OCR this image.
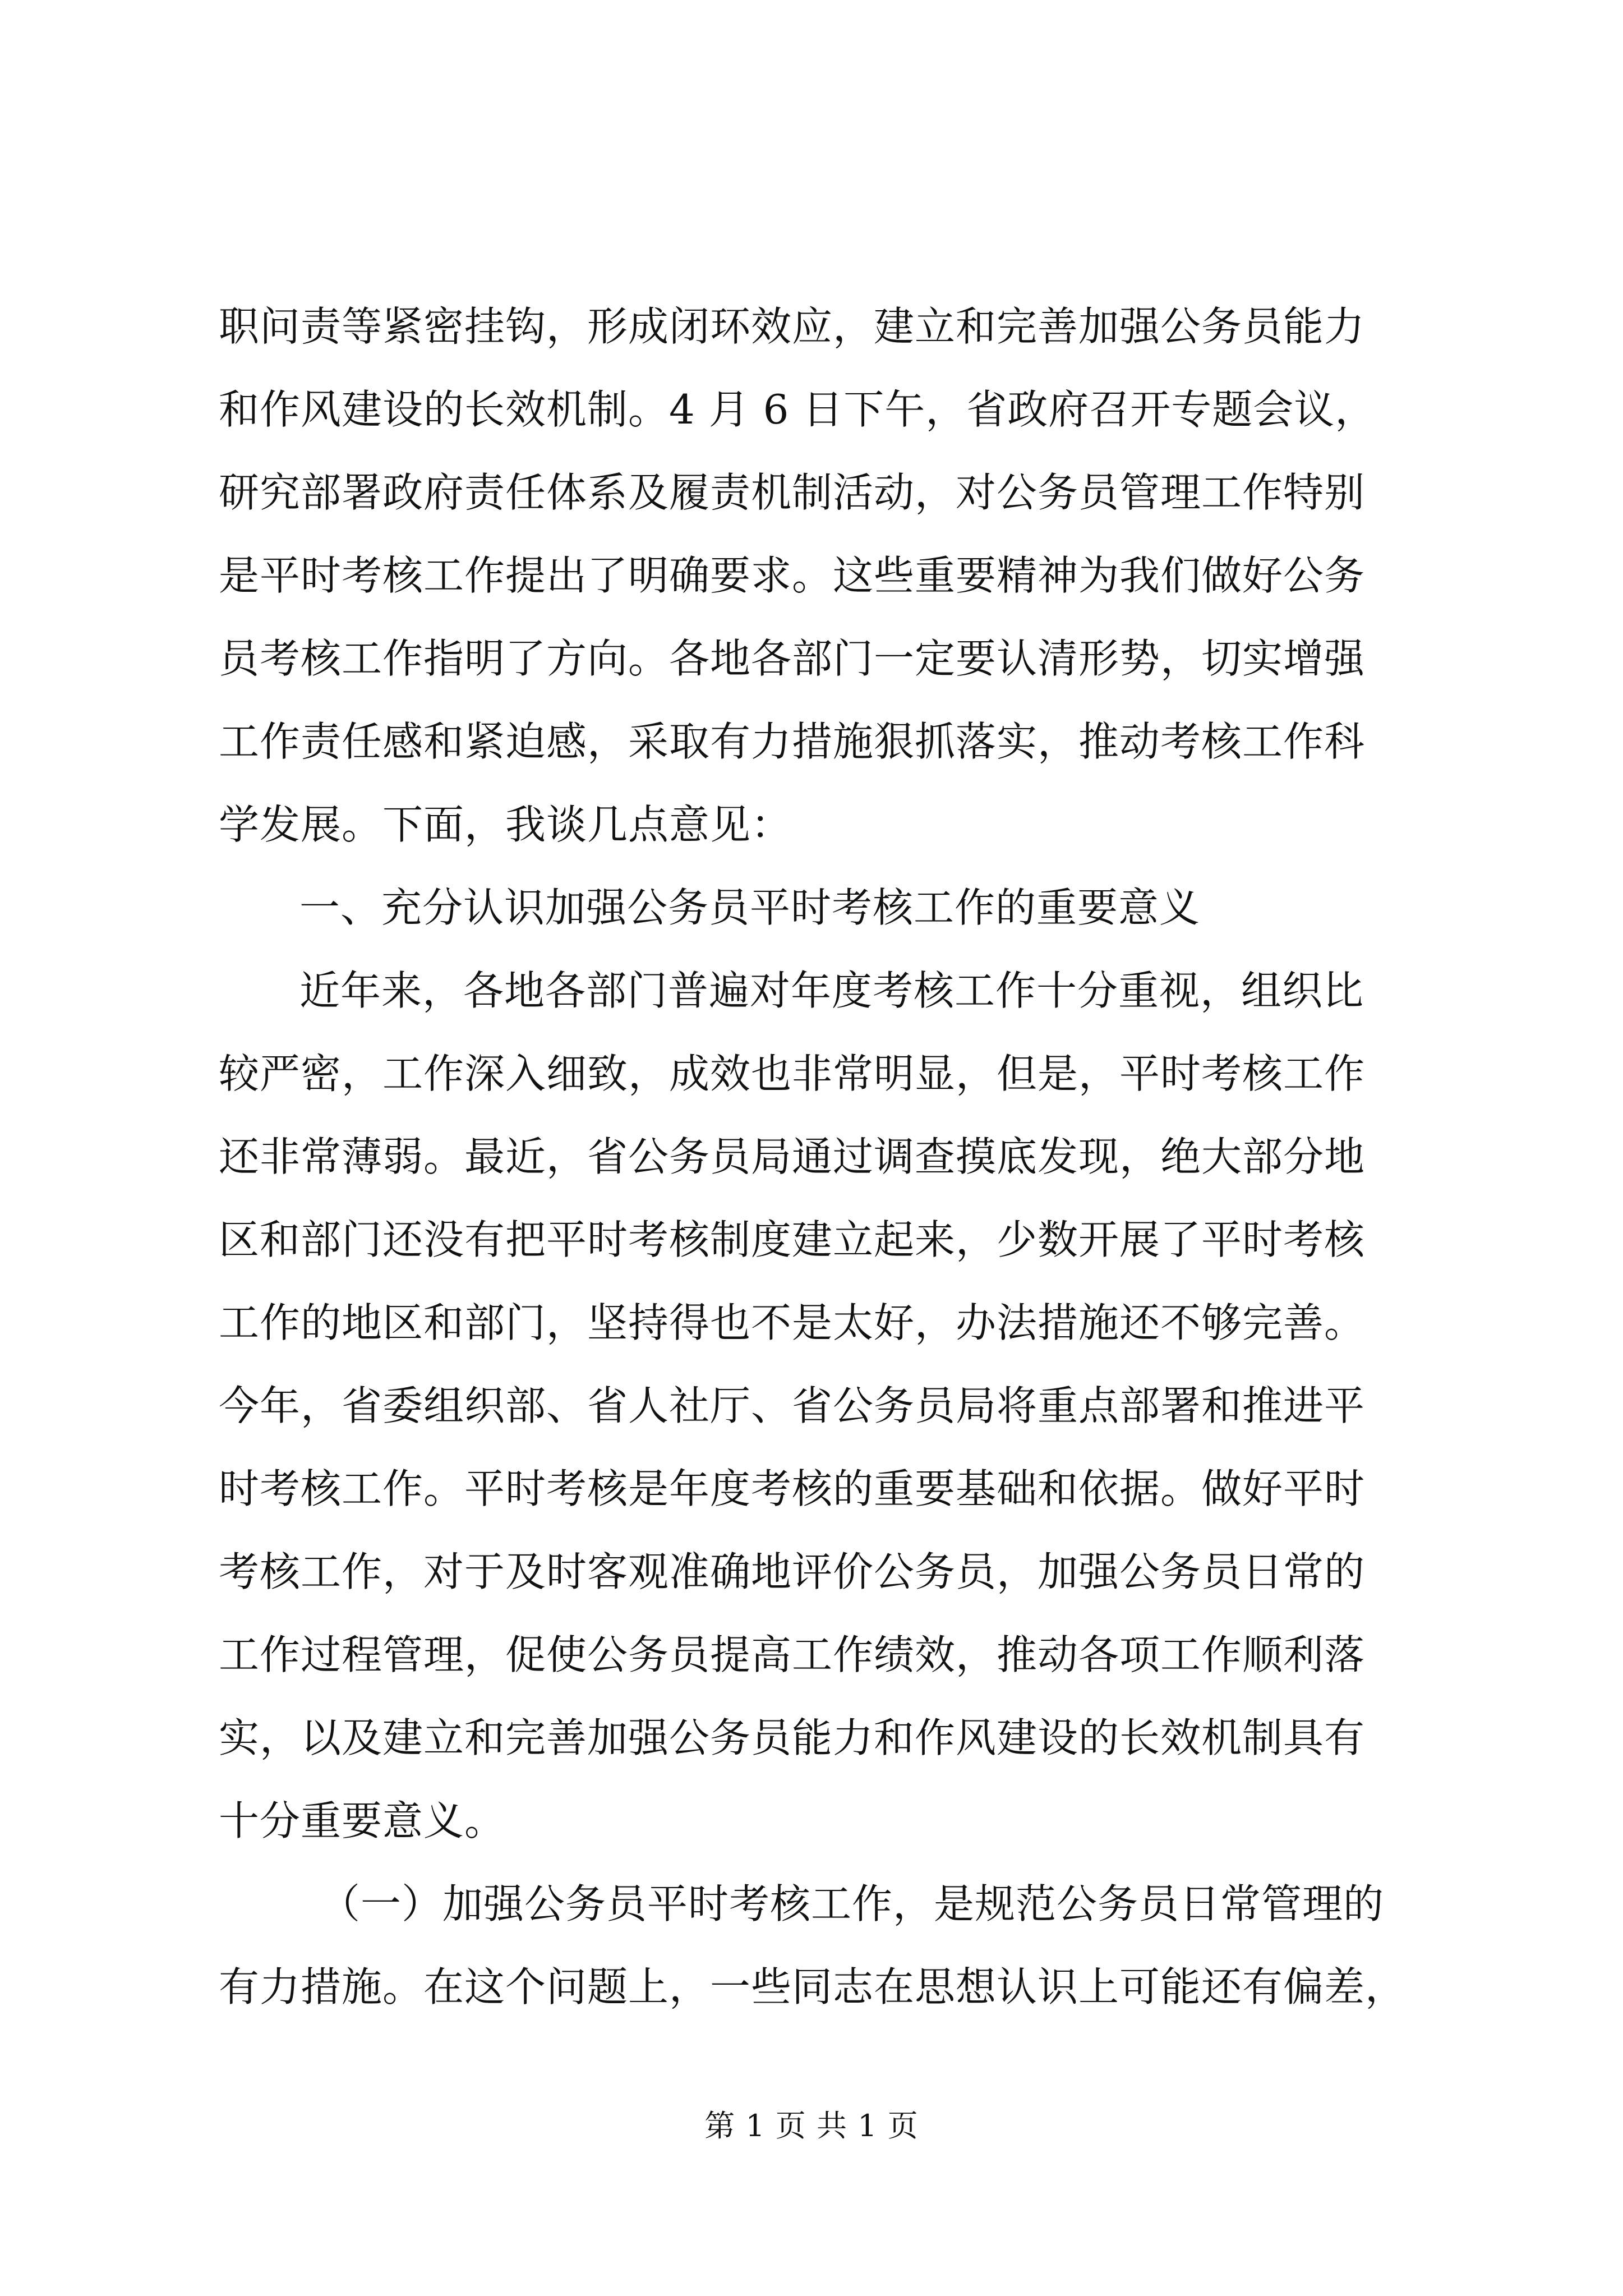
职问责等紧密挂钩，形成闭环效应，建立和完善加强公务员能力
和作风建设的长效机制。4 月 6 日下午，省政府召开专题会议，
研究部署政府责任体系及履责机制活动，对公务员管理工作特别
是平时考核工作提出了明确要求。这些重要精神为我们做好公务
员考核工作指明了方向。各地各部门一定要认清形势，切实增强
工作责任感和紧迫感，采取有力措施狠抓落实，推动考核工作科
学发展。下面，我谈几点意见：
一、充分认识加强公务员平时考核工作的重要意义
近年来，各地各部门普遍对年度考核工作十分重视，组织比
较严密，工作深入细致，成效也非常明显，但是，平时考核工作
还非常薄弱。最近，省公务员局通过调查摸底发现，绝大部分地
区和部门还没有把平时考核制度建立起来，少数开展了平时考核
工作的地区和部门，坚持得也不是太好，办法措施还不够完善。
今年，省委组织部、省人社厅、省公务员局将重点部署和推进平
时考核工作。平时考核是年度考核的重要基础和依据。做好平时
考核工作，对于及时客观准确地评价公务员，加强公务员日常的
工作过程管理，促使公务员提高工作绩效，推动各项工作顺利落
实，以及建立和完善加强公务员能力和作风建设的长效机制具有
十分重要意义。
（一）加强公务员平时考核工作，是规范公务员日常管理的
有力措施。在这个问题上，一些同志在思想认识上可能还有偏差，
第 1 页 共 1 页
